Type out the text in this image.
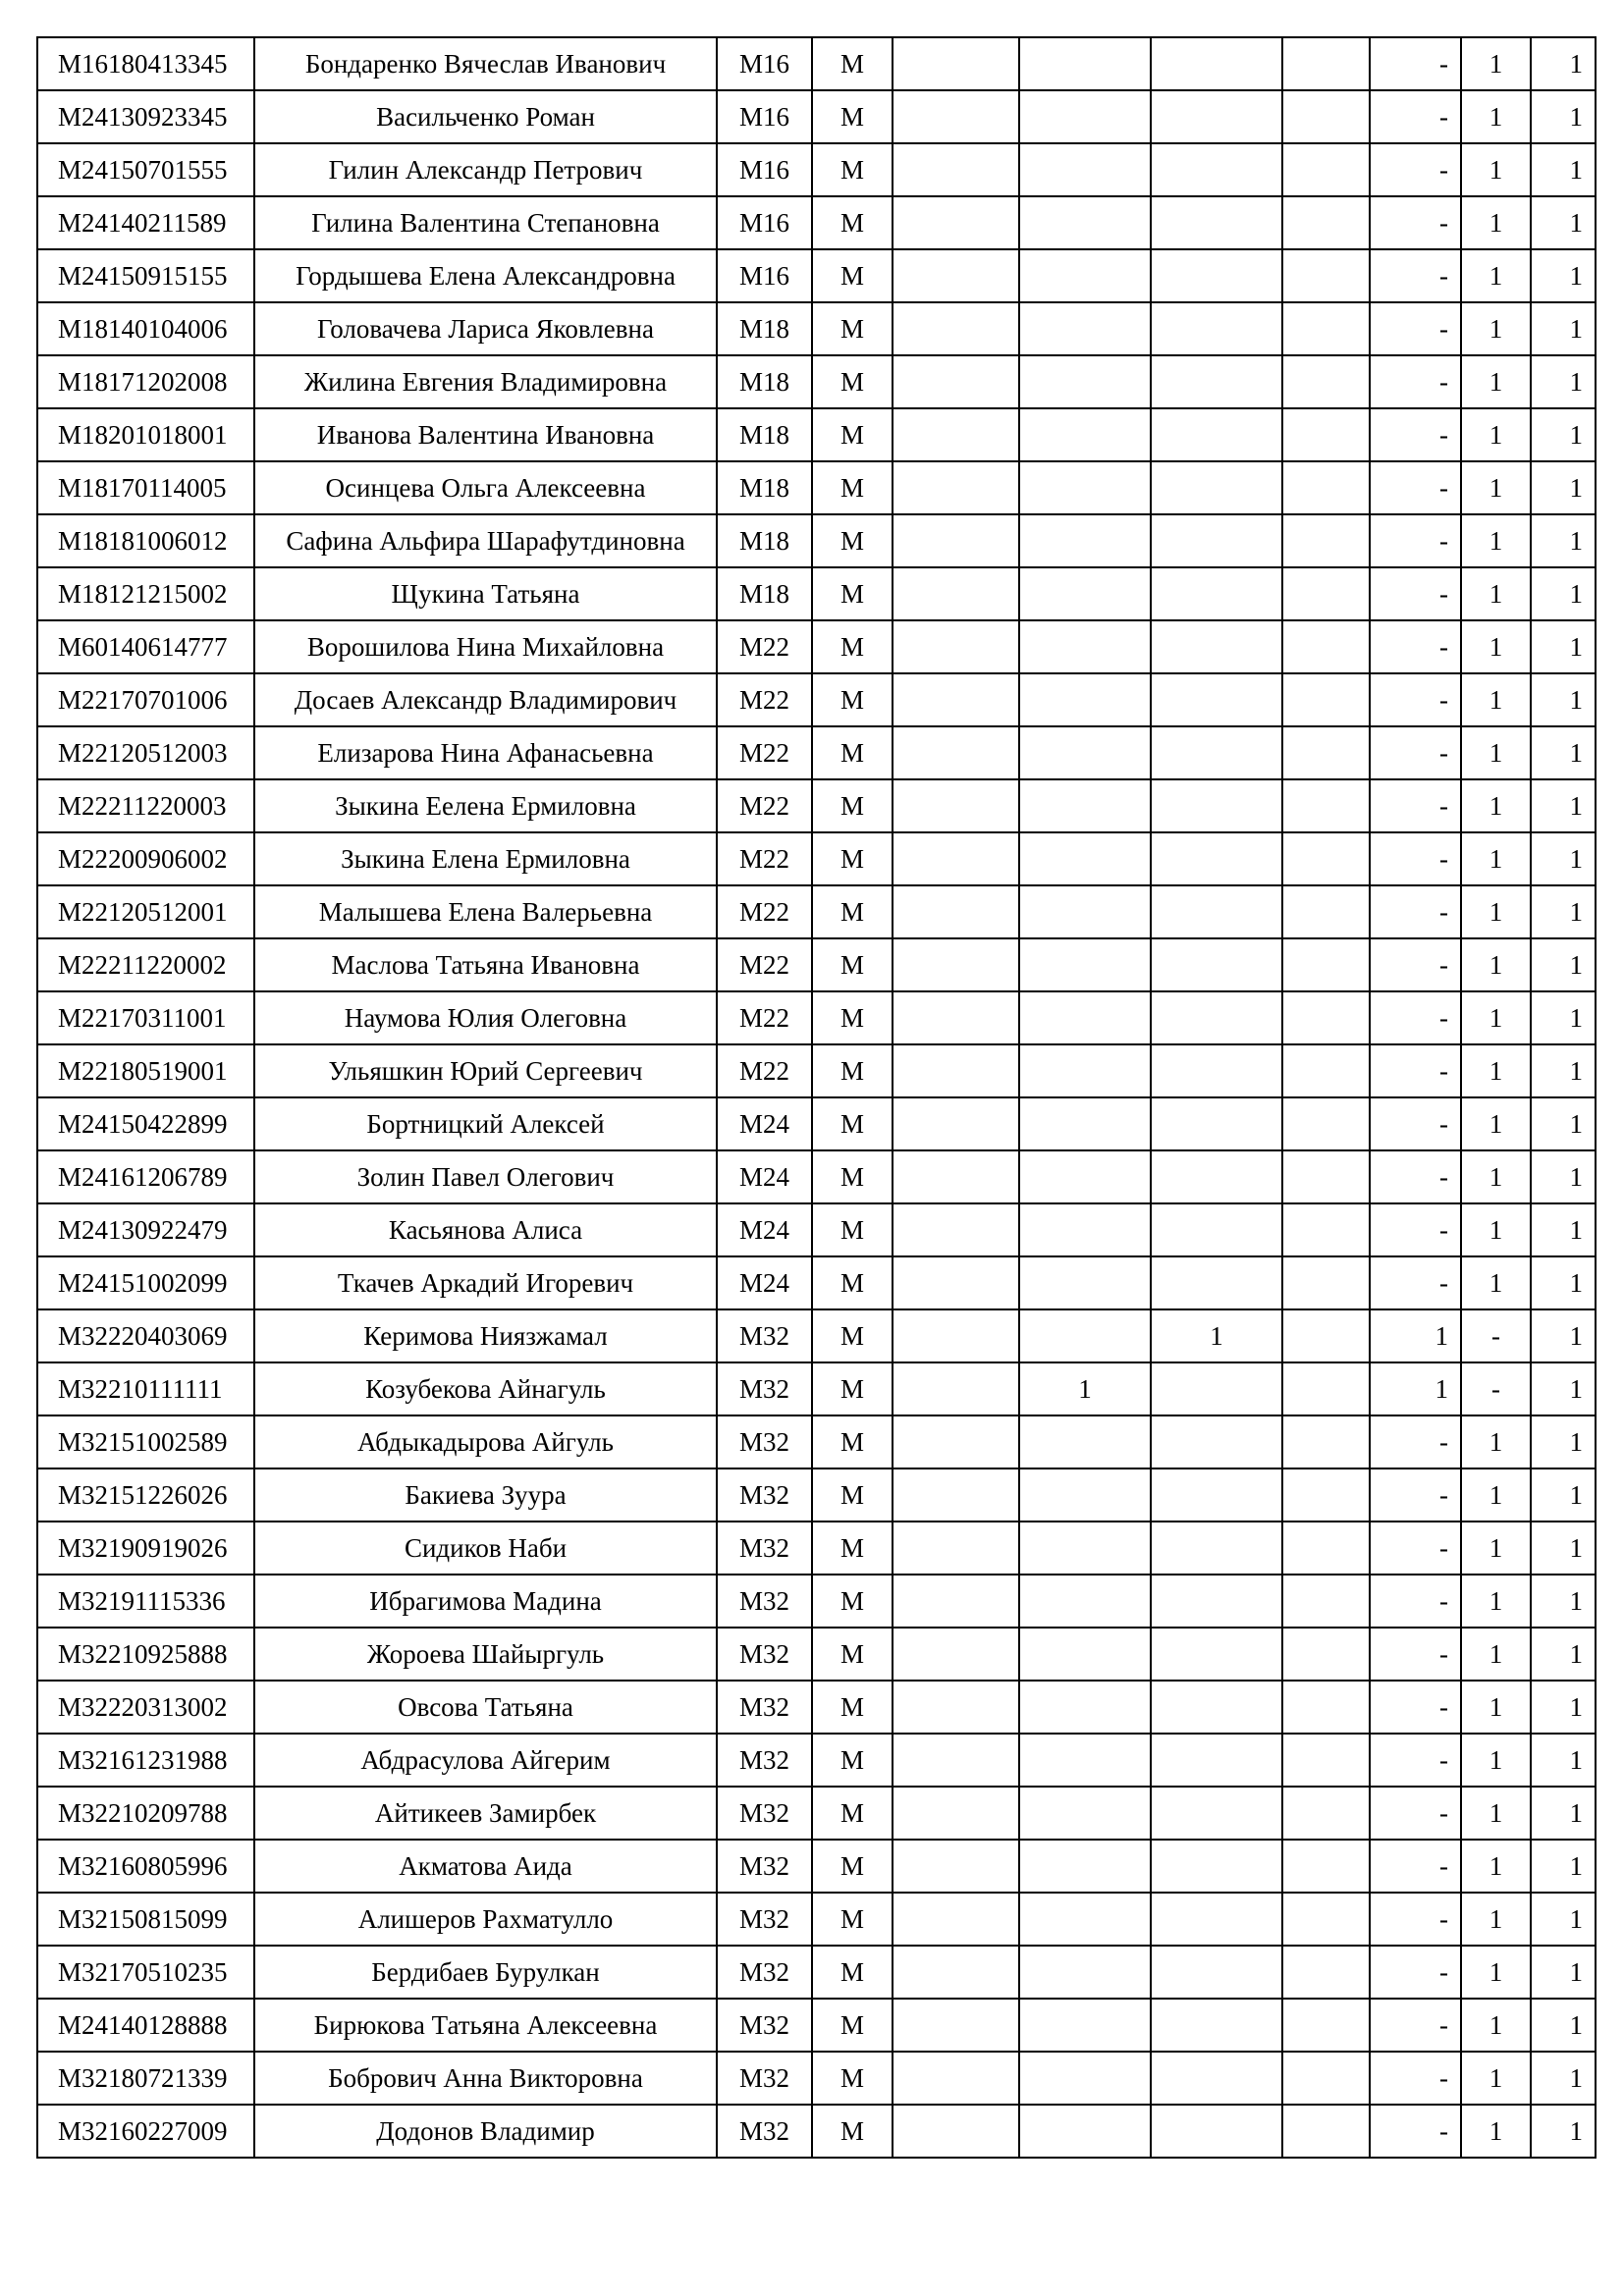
M16180413345	Бондаренко Вячеслав Иванович	M16	M					-	1	1
M24130923345	Васильченко Роман	M16	M					-	1	1
M24150701555	Гилин Александр Петрович	M16	M					-	1	1
M24140211589	Гилина Валентина Степановна	M16	M					-	1	1
M24150915155	Гордышева Елена Александровна	M16	M					-	1	1
M18140104006	Головачева Лариса Яковлевна	M18	M					-	1	1
M18171202008	Жилина Евгения Владимировна	M18	M					-	1	1
M18201018001	Иванова Валентина Ивановна	M18	M					-	1	1
M18170114005	Осинцева Ольга Алексеевна	M18	M					-	1	1
M18181006012	Сафина Альфира Шарафутдиновна	M18	M					-	1	1
M18121215002	Щукина Татьяна	M18	M					-	1	1
M60140614777	Ворошилова Нина Михайловна	M22	M					-	1	1
M22170701006	Досаев Александр Владимирович	M22	M					-	1	1
M22120512003	Елизарова Нина Афанасьевна	M22	M					-	1	1
M22211220003	Зыкина Еелена Ермиловна	M22	M					-	1	1
M22200906002	Зыкина Елена Ермиловна	M22	M					-	1	1
M22120512001	Малышева Елена Валерьевна	M22	M					-	1	1
M22211220002	Маслова Татьяна Ивановна	M22	M					-	1	1
M22170311001	Наумова Юлия Олеговна	M22	M					-	1	1
M22180519001	Ульяшкин Юрий Сергеевич	M22	M					-	1	1
M24150422899	Бортницкий Алексей	M24	M					-	1	1
M24161206789	Золин Павел Олегович	M24	M					-	1	1
M24130922479	Касьянова Алиса	M24	M					-	1	1
M24151002099	Ткачев Аркадий Игоревич	M24	M					-	1	1
M32220403069	Керимова Ниязжамал	M32	M			1		1	-	1
M32210111111	Козубекова Айнагуль	M32	M		1			1	-	1
M32151002589	Абдыкадырова Айгуль	M32	M					-	1	1
M32151226026	Бакиева Зуура	M32	M					-	1	1
M32190919026	Сидиков Наби	M32	M					-	1	1
M32191115336	Ибрагимова Мадина	M32	M					-	1	1
M32210925888	Жороева Шайыргуль	M32	M					-	1	1
M32220313002	Овсова Татьяна	M32	M					-	1	1
M32161231988	Абдрасулова Айгерим	M32	M					-	1	1
M32210209788	Айтикеев Замирбек	M32	M					-	1	1
M32160805996	Акматова Аида	M32	M					-	1	1
M32150815099	Алишеров Рахматулло	M32	M					-	1	1
M32170510235	Бердибаев Бурулкан	M32	M					-	1	1
M24140128888	Бирюкова Татьяна Алексеевна	M32	M					-	1	1
M32180721339	Бобрович Анна Викторовна	M32	M					-	1	1
M32160227009	Додонов Владимир	M32	M					-	1	1
